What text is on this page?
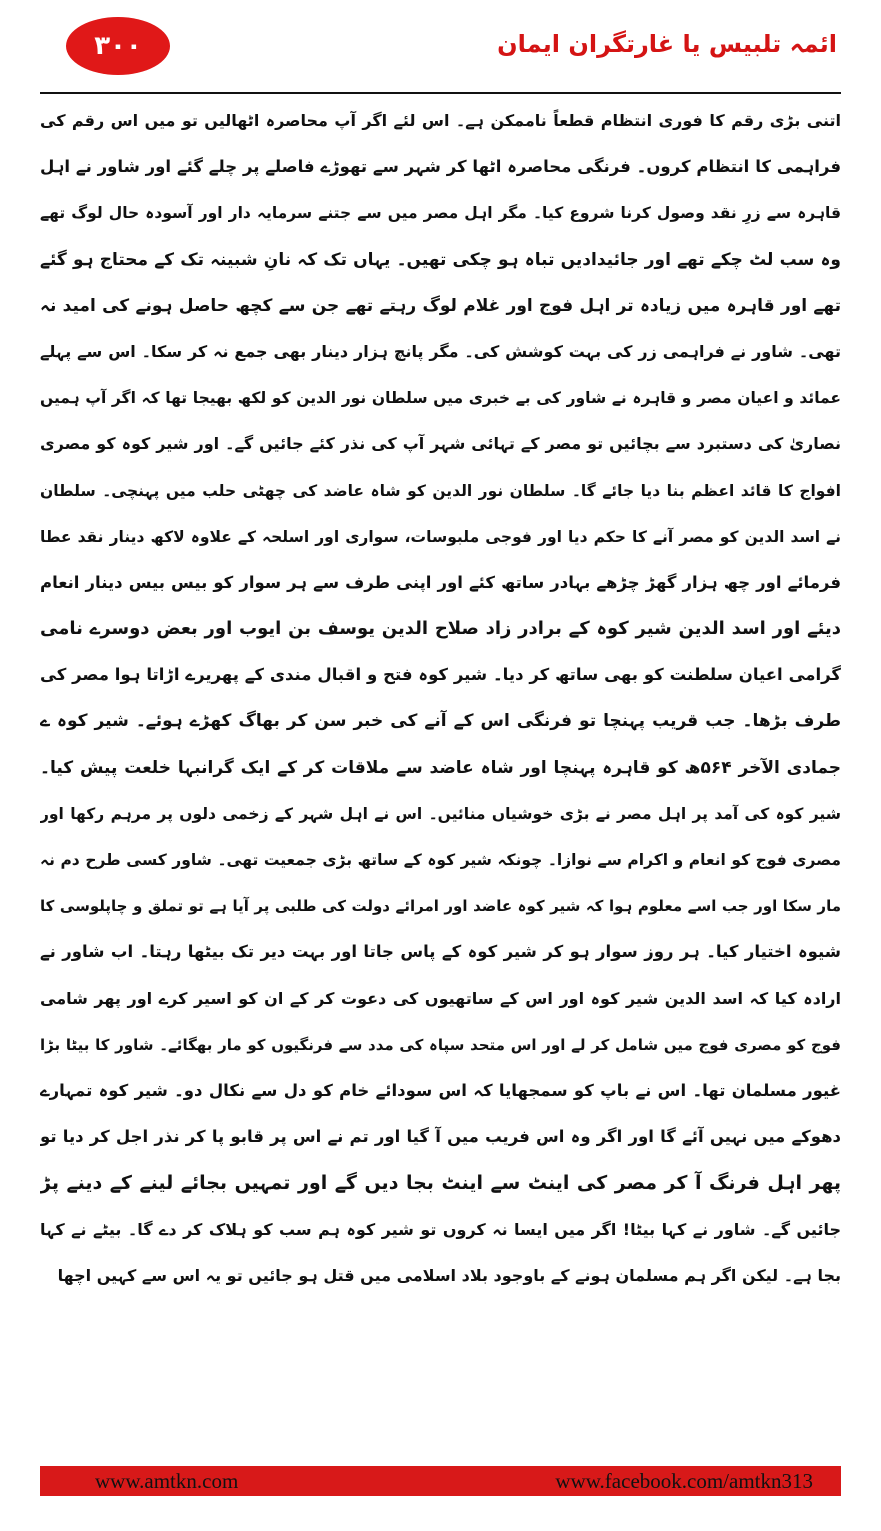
۳۰۰	ائمہ تلبیس یا غارتگران ایمان
اتنی بڑی رقم کا فوری انتظام قطعاً ناممکن ہے۔ اس لئے اگر آپ محاصرہ اٹھالیں تو میں اس رقم کی
فراہمی کا انتظام کروں۔ فرنگی محاصرہ اٹھا کر شہر سے تھوڑے فاصلے پر چلے گئے اور شاور نے اہل
قاہرہ سے زرِ نقد وصول کرنا شروع کیا۔ مگر اہل مصر میں سے جتنے سرمایہ دار اور آسودہ حال لوگ تھے
وہ سب لٹ چکے تھے اور جائیدادیں تباہ ہو چکی تھیں۔ یہاں تک کہ نانِ شبینہ تک کے محتاج ہو گئے
تھے اور قاہرہ میں زیادہ تر اہل فوج اور غلام لوگ رہتے تھے جن سے کچھ حاصل ہونے کی امید نہ
تھی۔ شاور نے فراہمی زر کی بہت کوشش کی۔ مگر پانچ ہزار دینار بھی جمع نہ کر سکا۔ اس سے پہلے
عمائد و اعیان مصر و قاہرہ نے شاور کی بے خبری میں سلطان نور الدین کو لکھ بھیجا تھا کہ اگر آپ ہمیں
نصاریٰ کی دستبرد سے بچائیں تو مصر کے تہائی شہر آپ کی نذر کئے جائیں گے۔ اور شیر کوہ کو مصری
افواج کا قائد اعظم بنا دیا جائے گا۔ سلطان نور الدین کو شاہ عاضد کی چھٹی حلب میں پہنچی۔ سلطان
نے اسد الدین کو مصر آنے کا حکم دیا اور فوجی ملبوسات، سواری اور اسلحہ کے علاوہ لاکھ دینار نقد عطا
فرمائے اور چھ ہزار گھڑ چڑھے بہادر ساتھ کئے اور اپنی طرف سے ہر سوار کو بیس بیس دینار انعام
دیئے اور اسد الدین شیر کوہ کے برادر زاد صلاح الدین یوسف بن ایوب اور بعض دوسرے نامی
گرامی اعیان سلطنت کو بھی ساتھ کر دیا۔ شیر کوہ فتح و اقبال مندی کے پھریرے اڑاتا ہوا مصر کی
طرف بڑھا۔ جب قریب پہنچا تو فرنگی اس کے آنے کی خبر سن کر بھاگ کھڑے ہوئے۔ شیر کوہ ے
جمادی الآخر ۵۶۴ھ کو قاہرہ پہنچا اور شاہ عاضد سے ملاقات کر کے ایک گرانبہا خلعت پیش کیا۔
شیر کوہ کی آمد پر اہل مصر نے بڑی خوشیاں منائیں۔ اس نے اہل شہر کے زخمی دلوں پر مرہم رکھا اور
مصری فوج کو انعام و اکرام سے نوازا۔ چونکہ شیر کوہ کے ساتھ بڑی جمعیت تھی۔ شاور کسی طرح دم نہ
مار سکا اور جب اسے معلوم ہوا کہ شیر کوہ عاضد اور امرائے دولت کی طلبی پر آیا ہے تو تملق و چاپلوسی کا
شیوہ اختیار کیا۔ ہر روز سوار ہو کر شیر کوہ کے پاس جاتا اور بہت دیر تک بیٹھا رہتا۔ اب شاور نے
ارادہ کیا کہ اسد الدین شیر کوہ اور اس کے ساتھیوں کی دعوت کر کے ان کو اسیر کرے اور پھر شامی
فوج کو مصری فوج میں شامل کر لے اور اس متحد سپاہ کی مدد سے فرنگیوں کو مار بھگائے۔ شاور کا بیٹا بڑا
غیور مسلمان تھا۔ اس نے باپ کو سمجھایا کہ اس سودائے خام کو دل سے نکال دو۔ شیر کوہ تمہارے
دھوکے میں نہیں آئے گا اور اگر وہ اس فریب میں آ گیا اور تم نے اس پر قابو پا کر نذر اجل کر دیا تو
پھر اہل فرنگ آ کر مصر کی اینٹ سے اینٹ بجا دیں گے اور تمہیں بجائے لینے کے دینے پڑ
جائیں گے۔ شاور نے کہا بیٹا! اگر میں ایسا نہ کروں تو شیر کوہ ہم سب کو ہلاک کر دے گا۔ بیٹے نے کہا
بجا ہے۔ لیکن اگر ہم مسلمان ہونے کے باوجود بلاد اسلامی میں قتل ہو جائیں تو یہ اس سے کہیں اچھا
www.amtkn.com	www.facebook.com/amtkn313
